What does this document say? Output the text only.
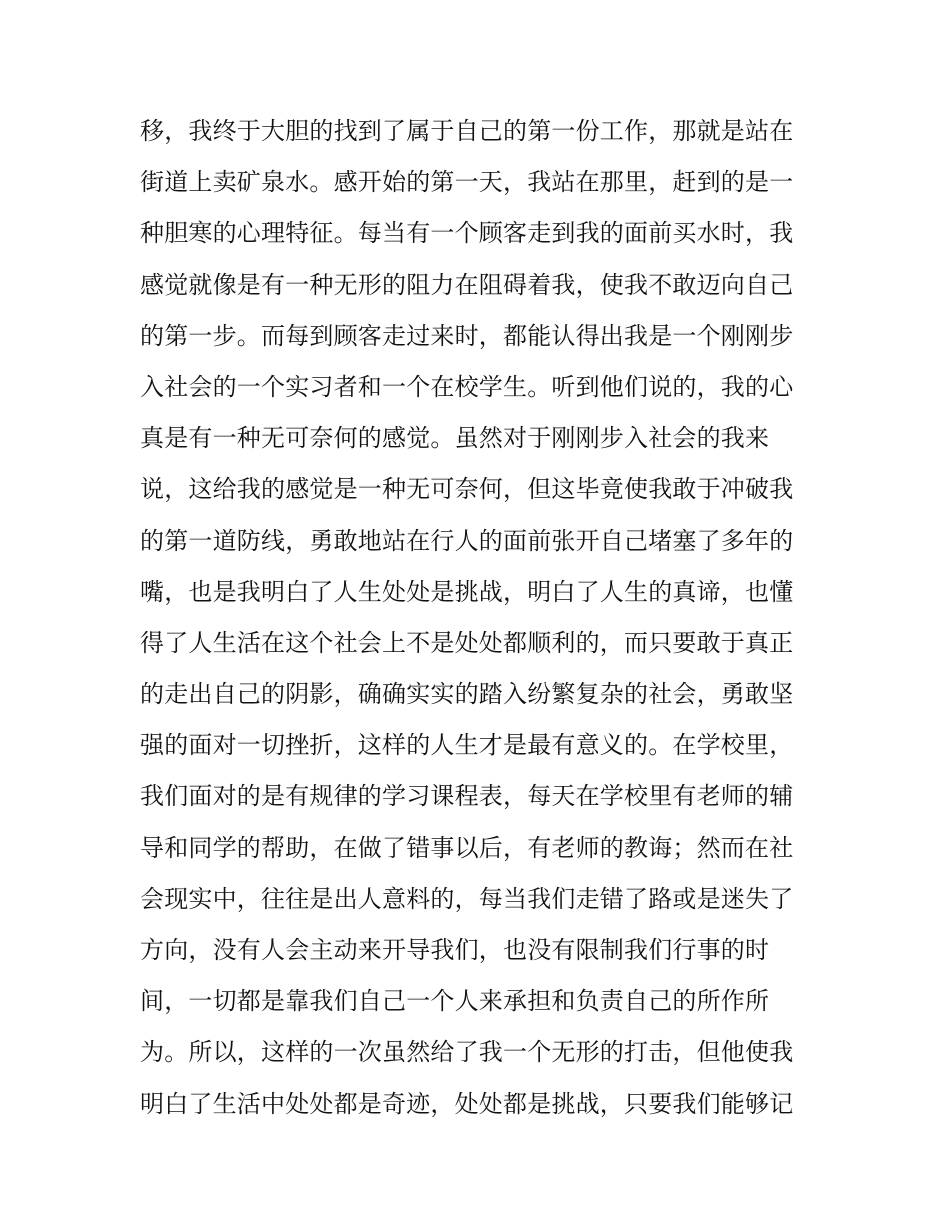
移，我终于大胆的找到了属于自己的第一份工作，那就是站在
街道上卖矿泉水。感开始的第一天，我站在那里，赶到的是一
种胆寒的心理特征。每当有一个顾客走到我的面前买水时，我
感觉就像是有一种无形的阻力在阻碍着我，使我不敢迈向自己
的第一步。而每到顾客走过来时，都能认得出我是一个刚刚步
入社会的一个实习者和一个在校学生。听到他们说的，我的心
真是有一种无可奈何的感觉。虽然对于刚刚步入社会的我来
说，这给我的感觉是一种无可奈何，但这毕竟使我敢于冲破我
的第一道防线，勇敢地站在行人的面前张开自己堵塞了多年的
嘴，也是我明白了人生处处是挑战，明白了人生的真谛，也懂
得了人生活在这个社会上不是处处都顺利的，而只要敢于真正
的走出自己的阴影，确确实实的踏入纷繁复杂的社会，勇敢坚
强的面对一切挫折，这样的人生才是最有意义的。在学校里，
我们面对的是有规律的学习课程表，每天在学校里有老师的辅
导和同学的帮助，在做了错事以后，有老师的教诲；然而在社
会现实中，往往是出人意料的，每当我们走错了路或是迷失了
方向，没有人会主动来开导我们，也没有限制我们行事的时
间，一切都是靠我们自己一个人来承担和负责自己的所作所
为。所以，这样的一次虽然给了我一个无形的打击，但他使我
明白了生活中处处都是奇迹，处处都是挑战，只要我们能够记
